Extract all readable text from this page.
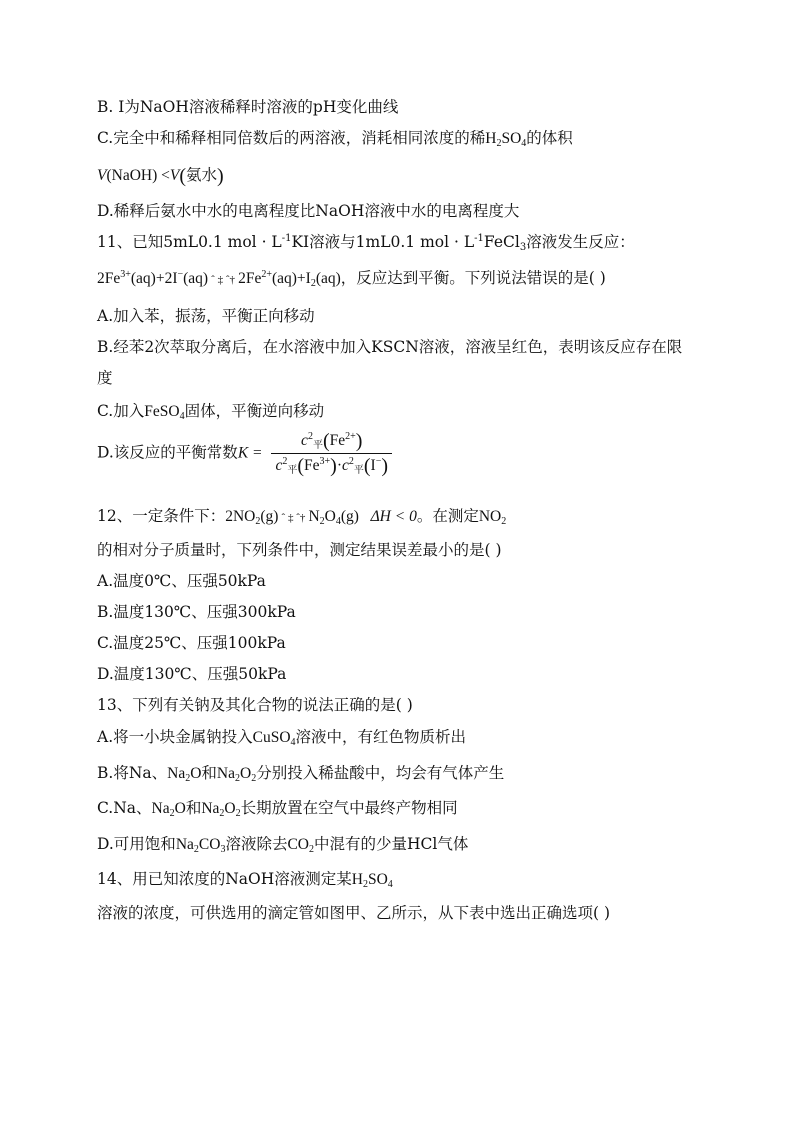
B. Ⅰ为NaOH溶液稀释时溶液的pH变化曲线
C.完全中和稀释相同倍数后的两溶液，消耗相同浓度的稀$H_2SO_4$的体积
V(NaOH) <V(氨水)
D.稀释后氨水中水的电离程度比NaOH溶液中水的电离程度大
11、已知5mL0.1 mol · $L^{-1}KI$溶液与1mL0.1 mol · $L^{-1}FeCl_3$溶液发生反应：
$2Fe^{3+}(aq)+2I^-(aq)$ ˆ ‡ ˆ† $2Fe^{2+}(aq)+I_2(aq)$，反应达到平衡。下列说法错误的是( )
A.加入苯，振荡，平衡正向移动
B.经苯2次萃取分离后，在水溶液中加入KSCN溶液，溶液呈红色，表明该反应存在限
度
C.加入FeSO$_4$固体，平衡逆向移动
D.该反应的平衡常数$K = \frac{c^2_平(Fe^{2+})}{c^2_平(Fe^{3+})\cdot c^2_平(I^-)}$
12、一定条件下：$2NO_2(g)$ ˆ ‡ ˆ† $N_2O_4(g) \Delta H < 0$。在测定$NO_2$
的相对分子质量时，下列条件中，测定结果误差最小的是( )
A.温度0℃、压强50kPa
B.温度130℃、压强300kPa
C.温度25℃、压强100kPa
D.温度130℃、压强50kPa
13、下列有关钠及其化合物的说法正确的是( )
A.将一小块金属钠投入CuSO$_4$溶液中，有红色物质析出
B.将Na、$Na_2O$和$Na_2O_2$分别投入稀盐酸中，均会有气体产生
C.Na、$Na_2O$和$Na_2O_2$长期放置在空气中最终产物相同
D.可用饱和$Na_2CO_3$溶液除去$CO_2$中混有的少量HCl气体
14、用已知浓度的NaOH溶液测定某$H_2SO_4$
溶液的浓度，可供选用的滴定管如图甲、乙所示，从下表中选出正确选项( )
